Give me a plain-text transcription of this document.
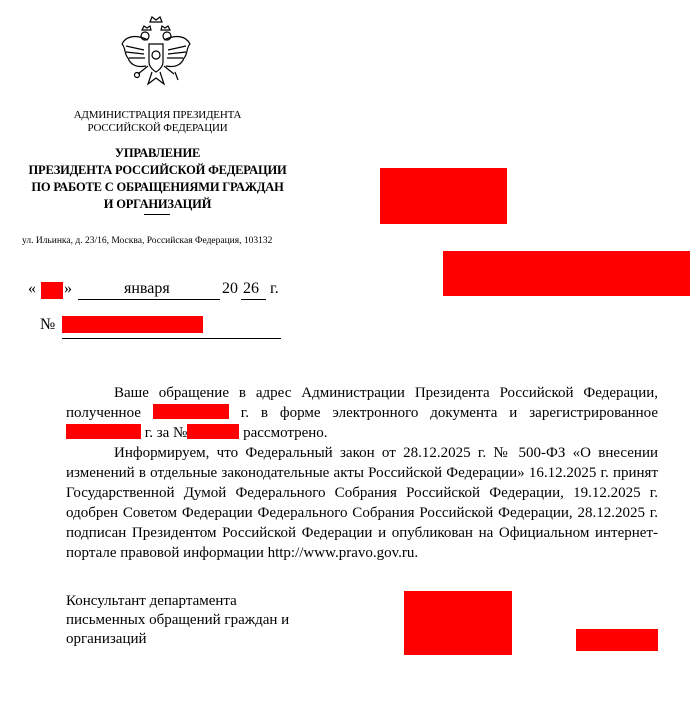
АДМИНИСТРАЦИЯ ПРЕЗИДЕНТА
РОССИЙСКОЙ ФЕДЕРАЦИИ
УПРАВЛЕНИЕ
ПРЕЗИДЕНТА РОССИЙСКОЙ ФЕДЕРАЦИИ
ПО РАБОТЕ С ОБРАЩЕНИЯМИ ГРАЖДАН
И ОРГАНИЗАЦИЙ
ул. Ильинка, д. 23/16, Москва, Российская Федерация, 103132
« »	января	20 26 г.
№

Ваше обращение в адрес Администрации Президента Российской Федерации, полученное	г. в форме электронного документа и зарегистрированное  г. за №	рассмотрено.

Информируем, что Федеральный закон от 28.12.2025 г. № 500-ФЗ «О внесении изменений в отдельные законодательные акты Российской Федерации» 16.12.2025 г. принят Государственной Думой Федерального Собрания Российской Федерации, 19.12.2025 г. одобрен Советом Федерации Федерального Собрания Российской Федерации, 28.12.2025 г. подписан Президентом Российской Федерации и опубликован на Официальном интернет-портале правовой информации http://www.pravo.gov.ru.

Консультант департамента
письменных обращений граждан и
организаций
